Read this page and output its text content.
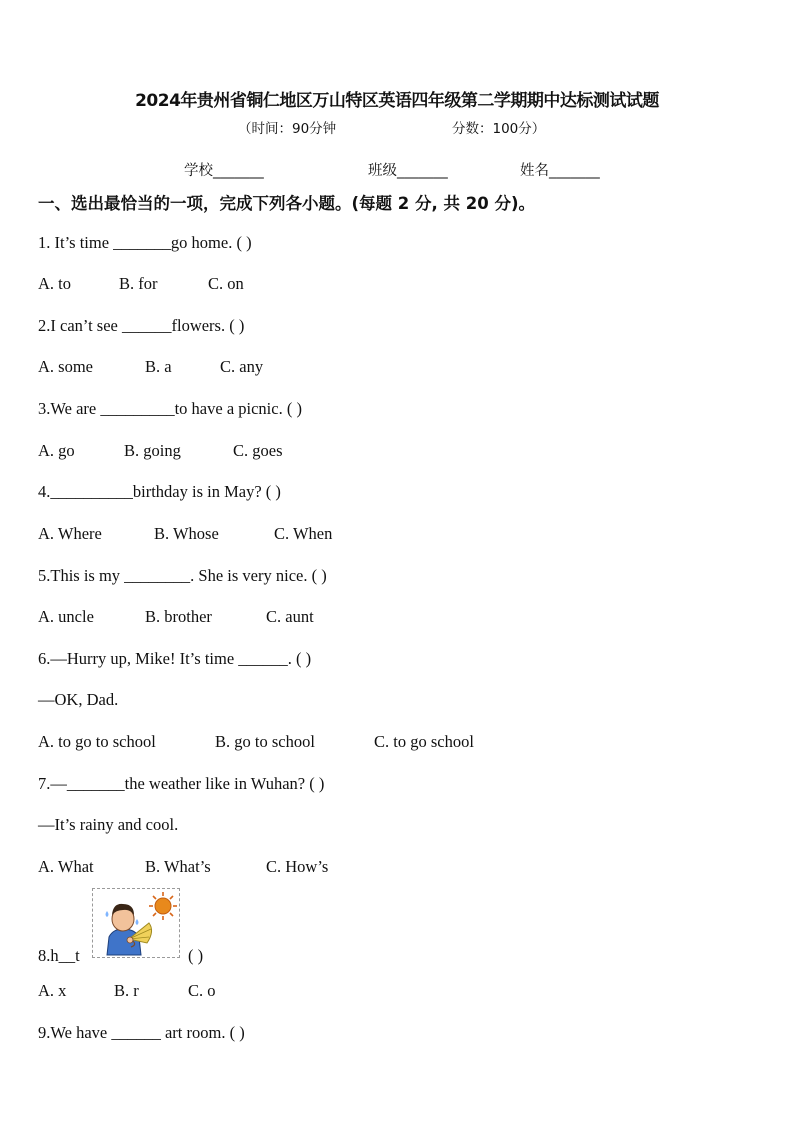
2024年贵州省铜仁地区万山特区英语四年级第二学期期中达标测试试题
（时间：90分钟	分数：100分）
学校_______	班级_______	姓名_______
一、选出最恰当的一项，完成下列各小题。(每题 2 分, 共 20 分)。
1. It’s time _______go home. ( )
A. to	B. for	C. on
2.I can’t see ______flowers. ( )
A. some	B. a	C. any
3.We are _________to have a picnic. ( )
A. go	B. going	C. goes
4.__________birthday is in May? ( )
A. Where	B. Whose	C. When
5.This is my ________. She is very nice. ( )
A. uncle	B. brother	C. aunt
6.—Hurry up, Mike! It’s time ______. ( )
—OK, Dad.
A. to go to school	B. go to school	C. to go school
7.—_______the weather like in Wuhan? ( )
—It’s rainy and cool.
A. What	B. What’s	C. How’s
8.h__t	( )
A. x	B. r	C. o
9.We have ______ art room. ( )
